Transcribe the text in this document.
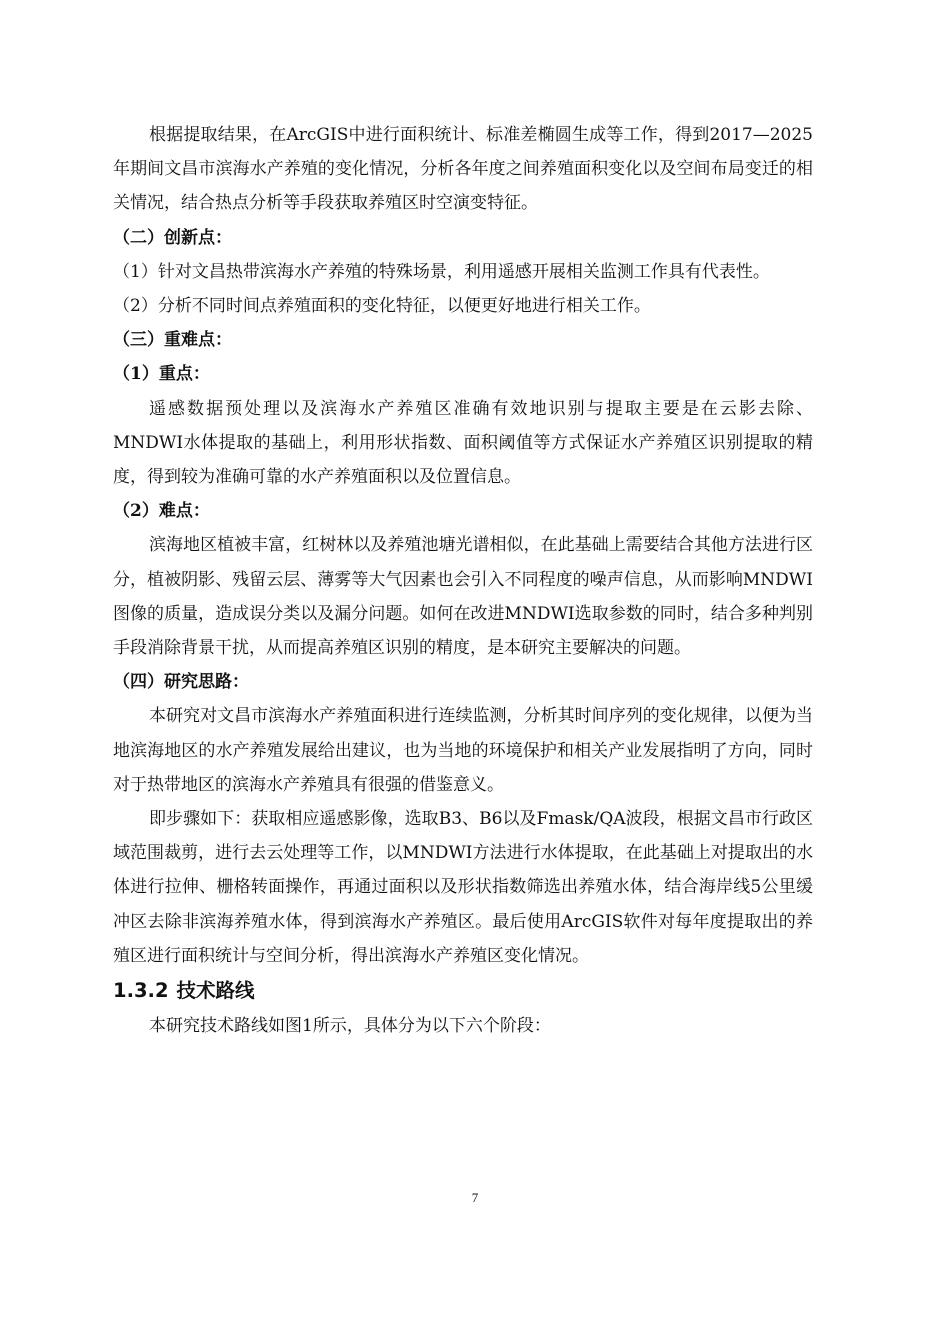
根据提取结果，在ArcGIS中进行面积统计、标准差椭圆生成等工作，得到2017—2025年期间文昌市滨海水产养殖的变化情况，分析各年度之间养殖面积变化以及空间布局变迁的相关情况，结合热点分析等手段获取养殖区时空演变特征。

（二）创新点：

（1）针对文昌热带滨海水产养殖的特殊场景，利用遥感开展相关监测工作具有代表性。

（2）分析不同时间点养殖面积的变化特征，以便更好地进行相关工作。

（三）重难点：

（1）重点：

遥感数据预处理以及滨海水产养殖区准确有效地识别与提取主要是在云影去除、MNDWI水体提取的基础上，利用形状指数、面积阈值等方式保证水产养殖区识别提取的精度，得到较为准确可靠的水产养殖面积以及位置信息。

（2）难点：

滨海地区植被丰富，红树林以及养殖池塘光谱相似，在此基础上需要结合其他方法进行区分，植被阴影、残留云层、薄雾等大气因素也会引入不同程度的噪声信息，从而影响MNDWI图像的质量，造成误分类以及漏分问题。如何在改进MNDWI选取参数的同时，结合多种判别手段消除背景干扰，从而提高养殖区识别的精度，是本研究主要解决的问题。

（四）研究思路：

本研究对文昌市滨海水产养殖面积进行连续监测，分析其时间序列的变化规律，以便为当地滨海地区的水产养殖发展给出建议，也为当地的环境保护和相关产业发展指明了方向，同时对于热带地区的滨海水产养殖具有很强的借鉴意义。

即步骤如下：获取相应遥感影像，选取B3、B6以及Fmask/QA波段，根据文昌市行政区域范围裁剪，进行去云处理等工作，以MNDWI方法进行水体提取，在此基础上对提取出的水体进行拉伸、栅格转面操作，再通过面积以及形状指数筛选出养殖水体，结合海岸线5公里缓冲区去除非滨海养殖水体，得到滨海水产养殖区。最后使用ArcGIS软件对每年度提取出的养殖区进行面积统计与空间分析，得出滨海水产养殖区变化情况。

1.3.2 技术路线

本研究技术路线如图1所示，具体分为以下六个阶段：

7
